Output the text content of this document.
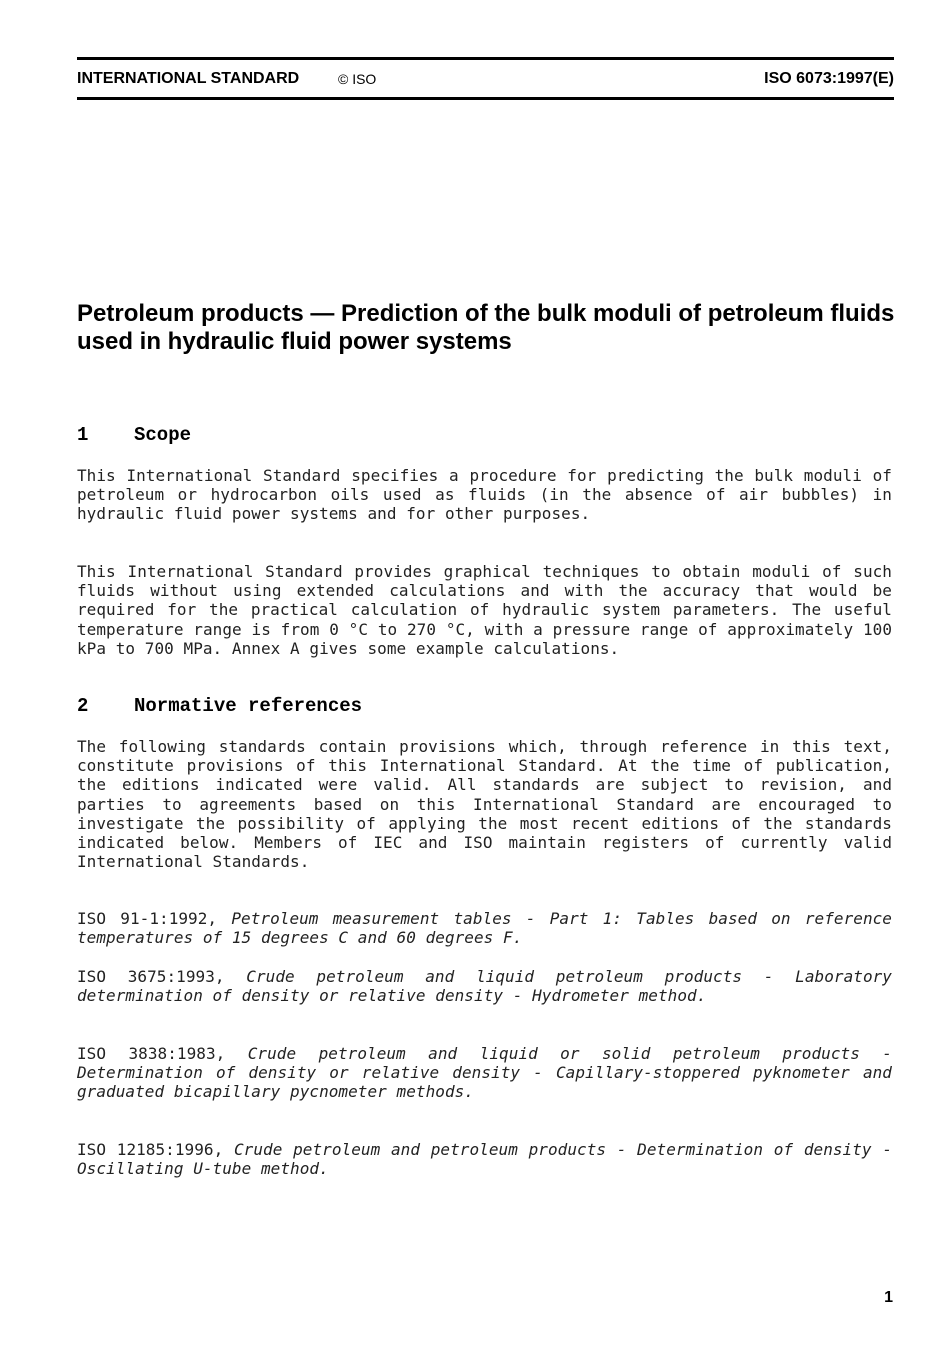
INTERNATIONAL STANDARD	© ISO	ISO 6073:1997(E)
Petroleum products — Prediction of the bulk moduli of petroleum fluids used in hydraulic fluid power systems
1 Scope
This International Standard specifies a procedure for predicting the bulk moduli of petroleum or hydrocarbon oils used as fluids (in the absence of air bubbles) in hydraulic fluid power systems and for other purposes.
This International Standard provides graphical techniques to obtain moduli of such fluids without using extended calculations and with the accuracy that would be required for the practical calculation of hydraulic system parameters. The useful temperature range is from 0 °C to 270 °C, with a pressure range of approximately 100 kPa to 700 MPa. Annex A gives some example calculations.
2 Normative references
The following standards contain provisions which, through reference in this text, constitute provisions of this International Standard. At the time of publication, the editions indicated were valid. All standards are subject to revision, and parties to agreements based on this International Standard are encouraged to investigate the possibility of applying the most recent editions of the standards indicated below. Members of IEC and ISO maintain registers of currently valid International Standards.
ISO 91-1:1992, Petroleum measurement tables - Part 1: Tables based on reference temperatures of 15 degrees C and 60 degrees F.
ISO 3675:1993, Crude petroleum and liquid petroleum products - Laboratory determination of density or relative density - Hydrometer method.
ISO 3838:1983, Crude petroleum and liquid or solid petroleum products - Determination of density or relative density - Capillary-stoppered pyknometer and graduated bicapillary pycnometer methods.
ISO 12185:1996, Crude petroleum and petroleum products - Determination of density - Oscillating U-tube method.
1
